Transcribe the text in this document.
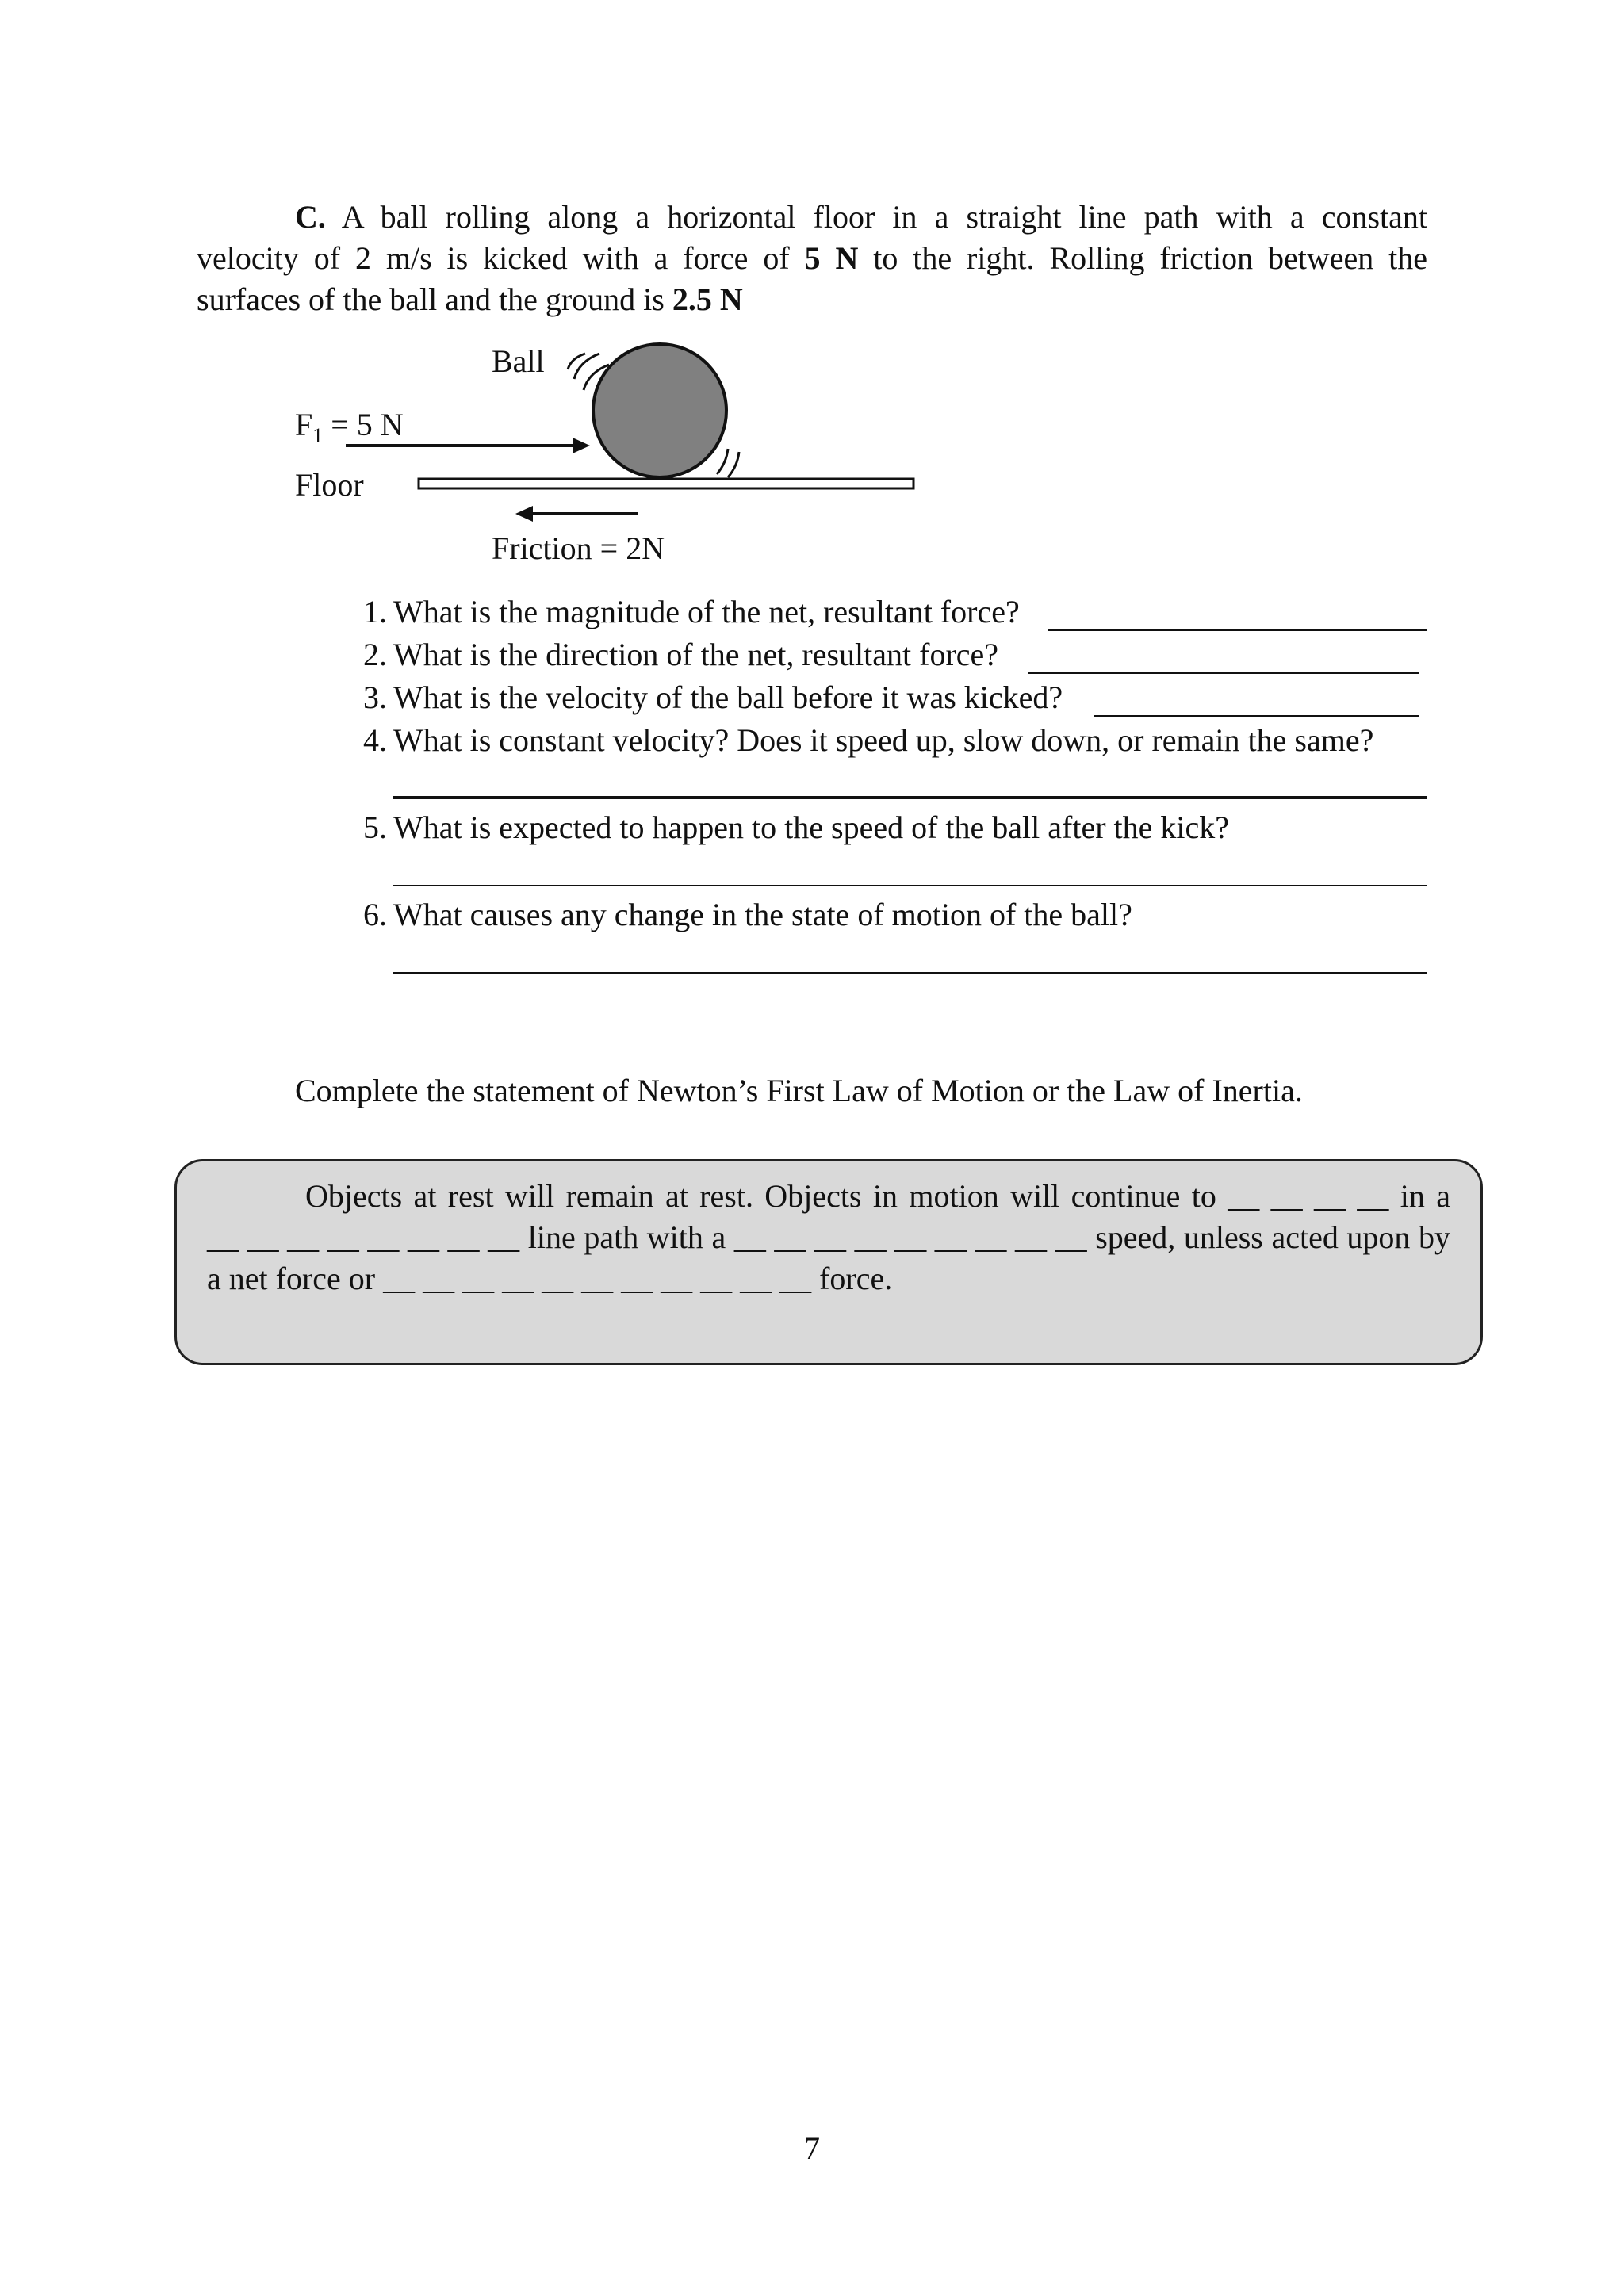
C. A ball rolling along a horizontal floor in a straight line path with a constant
velocity of 2 m/s is kicked with a force of 5 N to the right. Rolling friction between the
surfaces of the ball and the ground is 2.5 N
Ball
$F_1 = 5$ N
Floor
Friction = 2N
1. What is the magnitude of the net, resultant force?
2. What is the direction of the net, resultant force?
3. What is the velocity of the ball before it was kicked?
4. What is constant velocity? Does it speed up, slow down, or remain the same?
5. What is expected to happen to the speed of the ball after the kick?
6. What causes any change in the state of motion of the ball?
Complete the statement of Newton’s First Law of Motion or the Law of Inertia.
Objects at rest will remain at rest. Objects in motion will continue to __ __ __ __ in a
__ __ __ __ __ __ __ __ line path with a __ __ __ __ __ __ __ __ __ speed, unless acted upon by
a net force or __ __ __ __ __ __ __ __ __ __ __ force.
7
